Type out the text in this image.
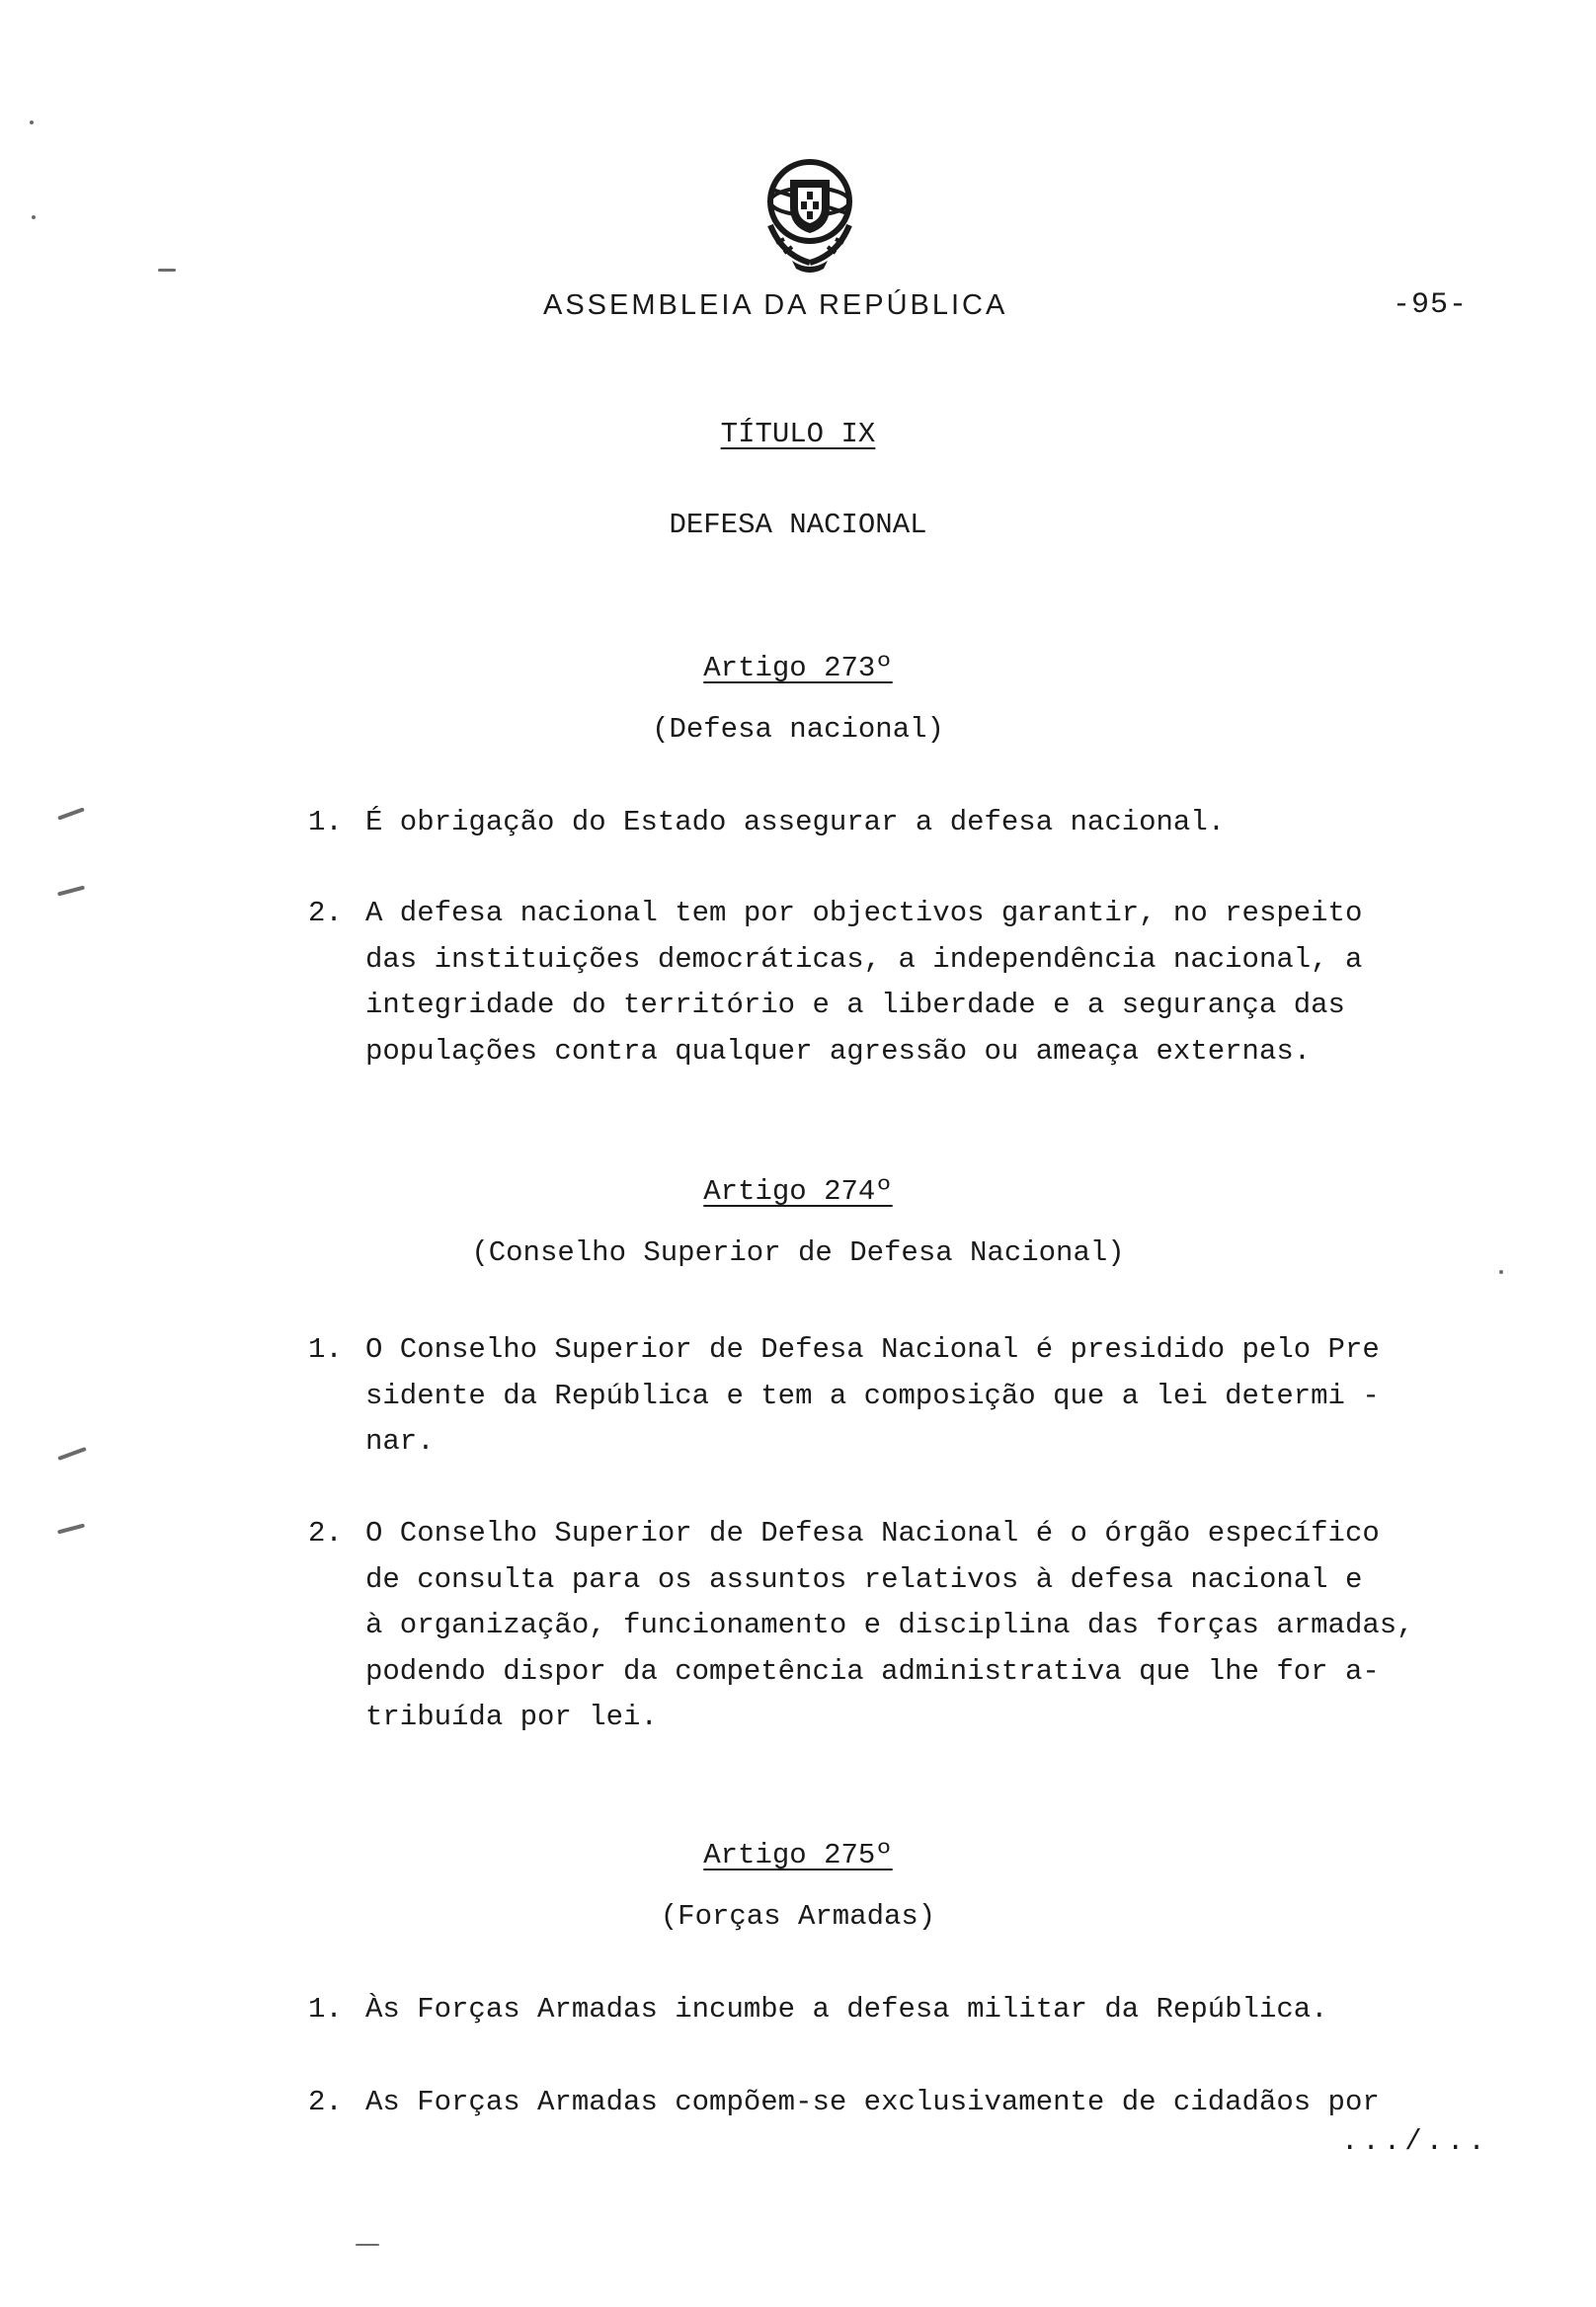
ASSEMBLEIA DA REPÚBLICA	-95-
TÍTULO IX
DEFESA NACIONAL
Artigo 273º
(Defesa nacional)
1. É obrigação do Estado assegurar a defesa nacional.
2. A defesa nacional tem por objectivos garantir, no respeito
das instituições democráticas, a independência nacional, a
integridade do território e a liberdade e a segurança das
populações contra qualquer agressão ou ameaça externas.
Artigo 274º
(Conselho Superior de Defesa Nacional)
1. O Conselho Superior de Defesa Nacional é presidido pelo Pre
sidente da República e tem a composição que a lei determi -
nar.
2. O Conselho Superior de Defesa Nacional é o órgão específico
de consulta para os assuntos relativos à defesa nacional e
à organização, funcionamento e disciplina das forças armadas,
podendo dispor da competência administrativa que lhe for a-
tribuída por lei.
Artigo 275º
(Forças Armadas)
1. Às Forças Armadas incumbe a defesa militar da República.
2. As Forças Armadas compõem-se exclusivamente de cidadãos por
.../...
